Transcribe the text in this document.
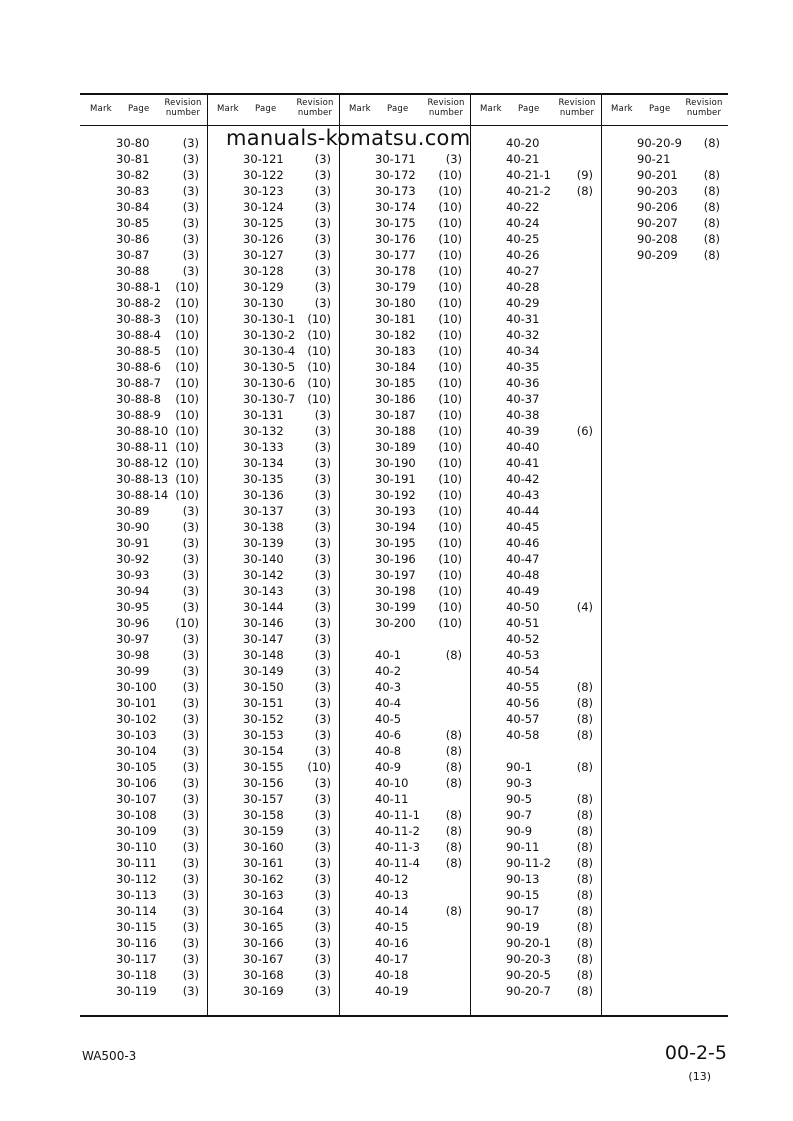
Mark Page
Revision
number
30-80	(3)
30-81	(3)
30-82	(3)
30-83	(3)
30-84	(3)
30-85	(3)
30-86	(3)
30-87	(3)
30-88	(3)
30-88-1 (10)
30-88-2 (10)
30-88-3 (10)
30-88-4 (10)
30-88-5 (10)
30-88-6 (10)
30-88-7 (10)
30-88-8 (10)
30-88-9 (10)
30-88-10 (10)
30-88-11 (10)
30-88-12 (10)
30-88-13 (10)
30-88-14 (10)
30-89	(3)
30-90	(3)
30-91	(3)
30-92	(3)
30-93	(3)
30-94	(3)
30-95	(3)
30-96 (10)
30-97	(3)
30-98	(3)
30-99	(3)
30-100 (3)
30-101 (3)
30-102 (3)
30-103 (3)
30-104 (3)
30-105 (3)
30-106 (3)
30-107 (3)
30-108 (3)
30-109 (3)
30-110 (3)
30-111 (3)
30-112 (3)
30-113 (3)
30-114 (3)
30-115 (3)
30-116 (3)
30-117 (3)
30-118 (3)
30-119 (3)
Mark Page
Revision
number
30-121	(3)
30-122	(3)
30-123	(3)
30-124	(3)
30-125	(3)
30-126	(3)
30-127	(3)
30-128	(3)
30-129	(3)
30-130	(3)
30-130-1 (10)
30-130-2 (10)
30-130-4 (10)
30-130-5 (10)
30-130-6 (10)
30-130-7 (10)
30-131	(3)
30-132	(3)
30-133	(3)
30-134	(3)
30-135	(3)
30-136	(3)
30-137	(3)
30-138	(3)
30-139	(3)
30-140	(3)
30-142	(3)
30-143	(3)
30-144	(3)
30-146	(3)
30-147	(3)
30-148	(3)
30-149	(3)
30-150	(3)
30-151	(3)
30-152	(3)
30-153	(3)
30-154	(3)
30-155 (10)
30-156	(3)
30-157	(3)
30-158	(3)
30-159	(3)
30-160	(3)
30-161	(3)
30-162	(3)
30-163	(3)
30-164	(3)
30-165	(3)
30-166	(3)
30-167	(3)
30-168	(3)
30-169	(3)
Mark Page
Revision
number
30-171	(3)
30-172 (10)
30-173 (10)
30-174 (10)
30-175 (10)
30-176 (10)
30-177 (10)
30-178 (10)
30-179 (10)
30-180 (10)
30-181 (10)
30-182 (10)
30-183 (10)
30-184 (10)
30-185 (10)
30-186 (10)
30-187 (10)
30-188 (10)
30-189 (10)
30-190 (10)
30-191 (10)
30-192 (10)
30-193 (10)
30-194 (10)
30-195 (10)
30-196 (10)
30-197 (10)
30-198 (10)
30-199 (10)
30-200 (10)
40-1	(8)
40-2
40-3
40-4
40-5
40-6	(8)
40-8	(8)
40-9	(8)
40-10	(8)
40-11
40-11-1 (8)
40-11-2 (8)
40-11-3 (8)
40-11-4 (8)
40-12
40-13
40-14	(8)
40-15
40-16
40-17
40-18
40-19
Mark Page
Revision
number
40-20
40-21
40-21-1 (9)
40-21-2 (8)
40-22
40-24
40-25
40-26
40-27
40-28
40-29
40-31
40-32
40-34
40-35
40-36
40-37
40-38
40-39	(6)
40-40
40-41
40-42
40-43
40-44
40-45
40-46
40-47
40-48
40-49
40-50	(4)
40-51
40-52
40-53
40-54
40-55	(8)
40-56	(8)
40-57	(8)
40-58	(8)
90-1	(8)
90-3
90-5	(8)
90-7	(8)
90-9	(8)
90-11	(8)
90-11-2 (8)
90-13	(8)
90-15	(8)
90-17	(8)
90-19	(8)
90-20-1 (8)
90-20-3 (8)
90-20-5 (8)
90-20-7 (8)
Mark Page
Revision
number
90-20-9 (8)
90-21
90-201 (8)
90-203 (8)
90-206 (8)
90-207 (8)
90-208 (8)
90-209 (8)
manuals-komatsu.com
WA500-3	00-2-5
(13)
